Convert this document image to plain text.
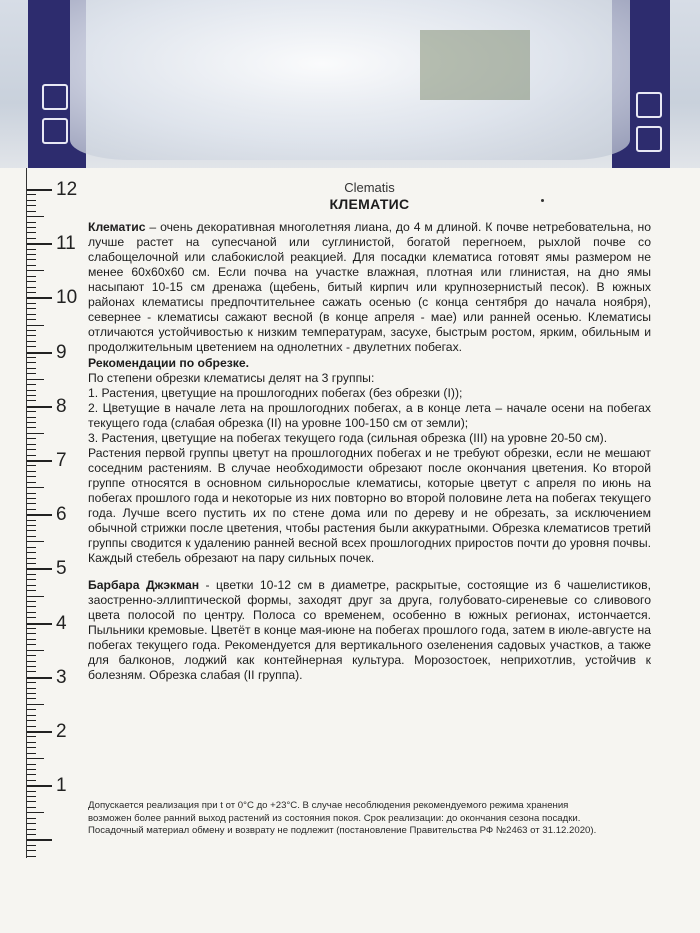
12
11
10
9
8
7
6
5
4
3
2
1
Clematis
КЛЕМАТИС

Клематис – очень декоративная многолетняя лиана, до 4 м длиной. К почве нетребовательна, но лучше растет на супесчаной или суглинистой, богатой перегноем, рыхлой почве со слабощелочной или слабокислой реакцией. Для посадки клематиса готовят ямы размером не менее 60х60х60 см. Если почва на участке влажная, плотная или глинистая, на дно ямы насыпают 10-15 см дренажа (щебень, битый кирпич или крупнозернистый песок). В южных районах клематисы предпочтительнее сажать осенью (с конца сентября до начала ноября), севернее - клематисы сажают весной (в конце апреля - мае) или ранней осенью. Клематисы отличаются устойчивостью к низким температурам, засухе, быстрым ростом, ярким, обильным и продолжительным цветением на однолетних - двулетних побегах.

Рекомендации по обрезке.

По степени обрезки клематисы делят на 3 группы:

1. Растения, цветущие на прошлогодних побегах (без обрезки (I));

2. Цветущие в начале лета на прошлогодних побегах, а в конце лета – начале осени на побегах текущего года (слабая обрезка (II) на уровне 100-150 см от земли);

3. Растения, цветущие на побегах текущего года (сильная обрезка (III) на уровне 20-50 см).

Растения первой группы цветут на прошлогодних побегах и не требуют обрезки, если не мешают соседним растениям. В случае необходимости обрезают после окончания цветения. Ко второй группе относятся в основном сильнорослые клематисы, которые цветут с апреля по июнь на побегах прошлого года и некоторые из них повторно во второй половине лета на побегах текущего года. Лучше всего пустить их по стене дома или по дереву и не обрезать, за исключением обычной стрижки после цветения, чтобы растения были аккуратными. Обрезка клематисов третий группы сводится к удалению ранней весной всех прошлогодних приростов почти до уровня почвы. Каждый стебель обрезают на пару сильных почек.

Барбара Джэкман - цветки 10-12 см в диаметре, раскрытые, состоящие из 6 чашелистиков, заостренно-эллиптической формы, заходят друг за друга, голубовато-сиреневые со сливового цвета полосой по центру. Полоса со временем, особенно в южных регионах, истончается. Пыльники кремовые. Цветёт в конце мая-июне на побегах прошлого года, затем в июле-августе на побегах текущего года. Рекомендуется для вертикального озеленения садовых участков, а также для балконов, лоджий как контейнерная культура. Морозостоек, неприхотлив, устойчив к болезням. Обрезка слабая (II группа).

Допускается реализация при t от 0°С до +23°С. В случае несоблюдения рекомендуемого режима хранения
возможен более ранний выход растений из состояния покоя. Срок реализации: до окончания сезона посадки.
Посадочный материал обмену и возврату не подлежит (постановление Правительства РФ №2463 от 31.12.2020).
